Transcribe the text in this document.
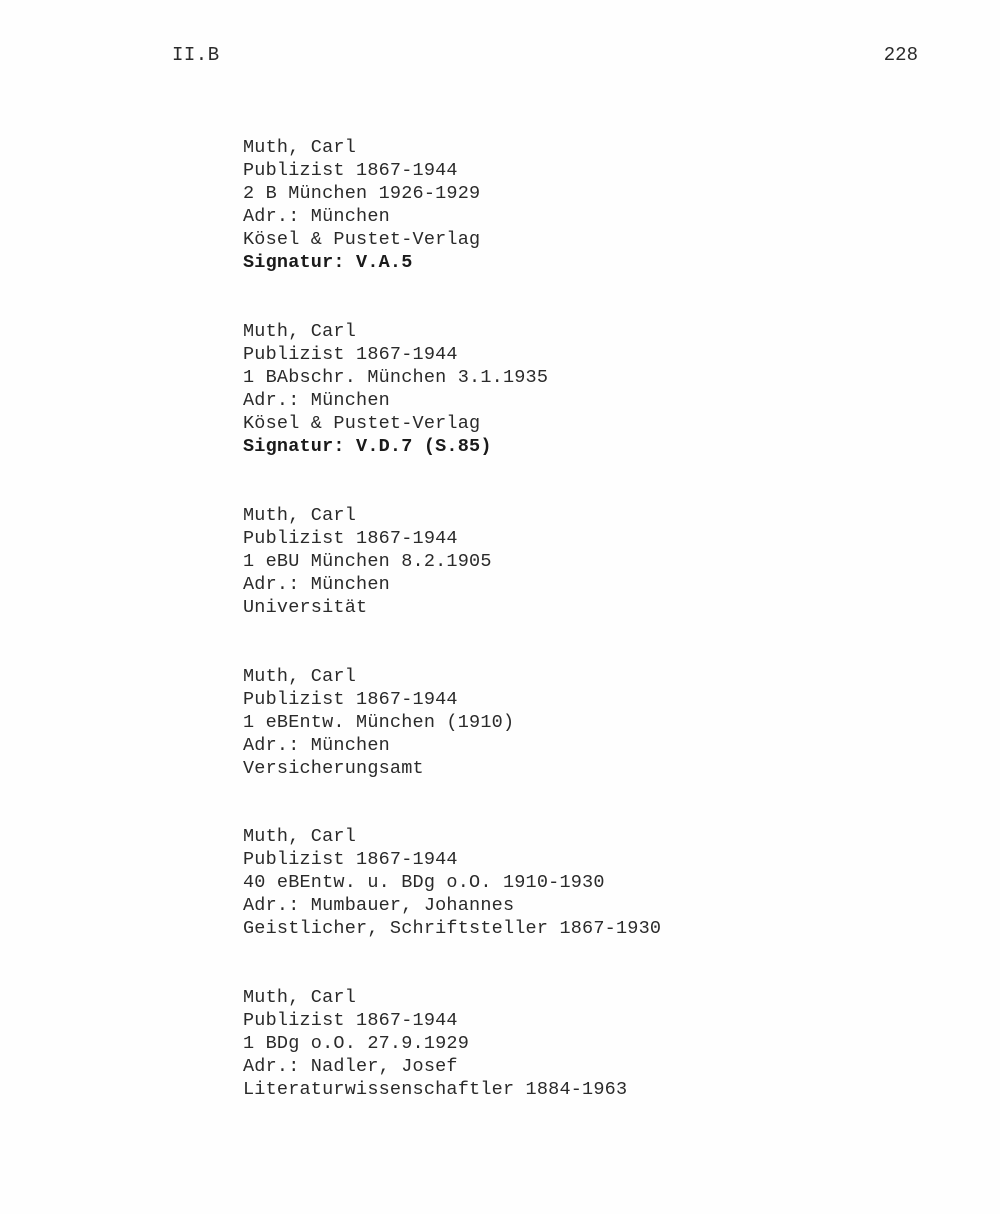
II.B	228
Muth, Carl
Publizist 1867-1944
2 B München 1926-1929
Adr.: München
Kösel & Pustet-Verlag
Signatur: V.A.5
Muth, Carl
Publizist 1867-1944
1 BAbschr. München 3.1.1935
Adr.: München
Kösel & Pustet-Verlag
Signatur: V.D.7 (S.85)
Muth, Carl
Publizist 1867-1944
1 eBU München 8.2.1905
Adr.: München
Universität
Muth, Carl
Publizist 1867-1944
1 eBEntw. München (1910)
Adr.: München
Versicherungsamt
Muth, Carl
Publizist 1867-1944
40 eBEntw. u. BDg o.O. 1910-1930
Adr.: Mumbauer, Johannes
Geistlicher, Schriftsteller 1867-1930
Muth, Carl
Publizist 1867-1944
1 BDg o.O. 27.9.1929
Adr.: Nadler, Josef
Literaturwissenschaftler 1884-1963
